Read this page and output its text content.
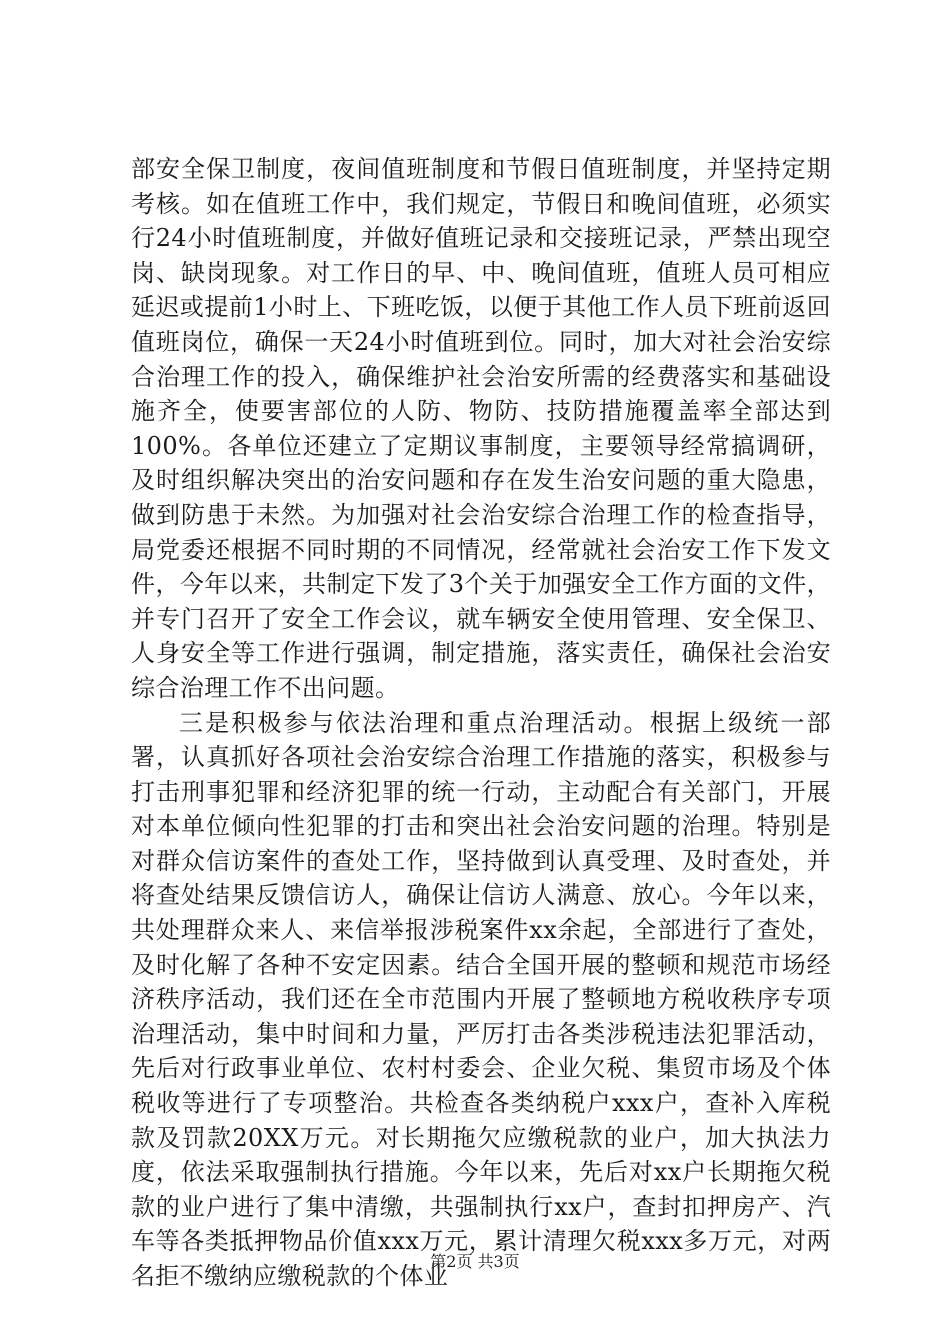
部安全保卫制度，夜间值班制度和节假日值班制度，并坚持定期考核。如在值班工作中，我们规定，节假日和晚间值班，必须实行24小时值班制度，并做好值班记录和交接班记录，严禁出现空岗、缺岗现象。对工作日的早、中、晚间值班，值班人员可相应延迟或提前1小时上、下班吃饭，以便于其他工作人员下班前返回值班岗位，确保一天24小时值班到位。同时，加大对社会治安综合治理工作的投入，确保维护社会治安所需的经费落实和基础设施齐全，使要害部位的人防、物防、技防措施覆盖率全部达到100%。各单位还建立了定期议事制度，主要领导经常搞调研，及时组织解决突出的治安问题和存在发生治安问题的重大隐患，做到防患于未然。为加强对社会治安综合治理工作的检查指导，局党委还根据不同时期的不同情况，经常就社会治安工作下发文件，今年以来，共制定下发了3个关于加强安全工作方面的文件，并专门召开了安全工作会议，就车辆安全使用管理、安全保卫、人身安全等工作进行强调，制定措施，落实责任，确保社会治安综合治理工作不出问题。

三是积极参与依法治理和重点治理活动。根据上级统一部署，认真抓好各项社会治安综合治理工作措施的落实，积极参与打击刑事犯罪和经济犯罪的统一行动，主动配合有关部门，开展对本单位倾向性犯罪的打击和突出社会治安问题的治理。特别是对群众信访案件的查处工作，坚持做到认真受理、及时查处，并将查处结果反馈信访人，确保让信访人满意、放心。今年以来，共处理群众来人、来信举报涉税案件xx余起，全部进行了查处，及时化解了各种不安定因素。结合全国开展的整顿和规范市场经济秩序活动，我们还在全市范围内开展了整顿地方税收秩序专项治理活动，集中时间和力量，严厉打击各类涉税违法犯罪活动，先后对行政事业单位、农村村委会、企业欠税、集贸市场及个体税收等进行了专项整治。共检查各类纳税户xxx户，查补入库税款及罚款20XX万元。对长期拖欠应缴税款的业户，加大执法力度，依法采取强制执行措施。今年以来，先后对xx户长期拖欠税款的业户进行了集中清缴，共强制执行xx户，查封扣押房产、汽车等各类抵押物品价值xxx万元，累计清理欠税xxx多万元，对两名拒不缴纳应缴税款的个体业

第2页 共3页
